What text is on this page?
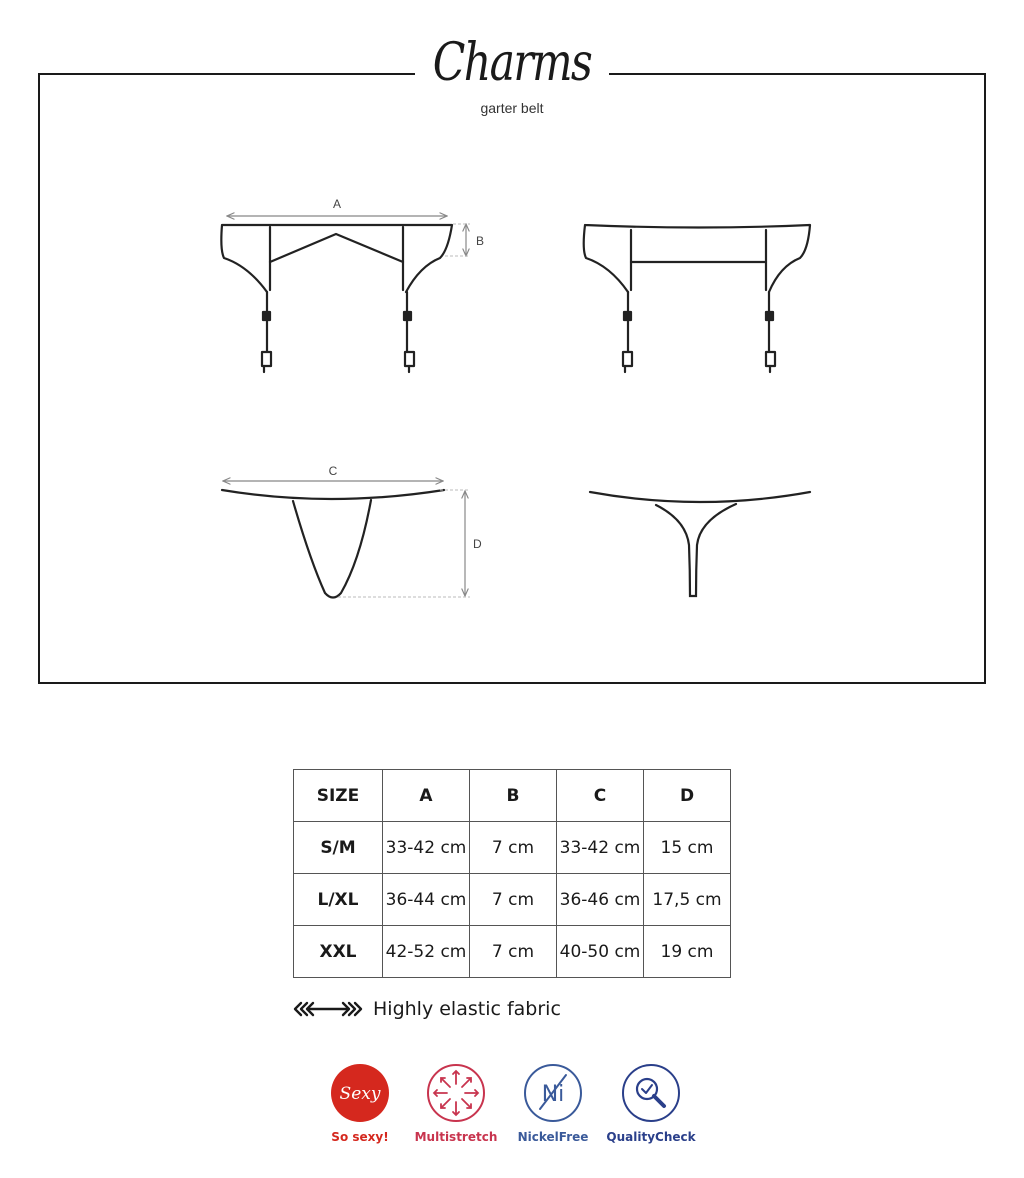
A
B
C
D
Charms
garter belt
SIZE	A	B	C	D
S/M	33-42 cm	7 cm	33-42 cm	15 cm
L/XL	36-44 cm	7 cm	36-46 cm	17,5 cm
XXL	42-52 cm	7 cm	40-50 cm	19 cm
Highly elastic fabric
Sexy
So sexy!	Multistretch
Ni
NickelFree	QualityCheck
